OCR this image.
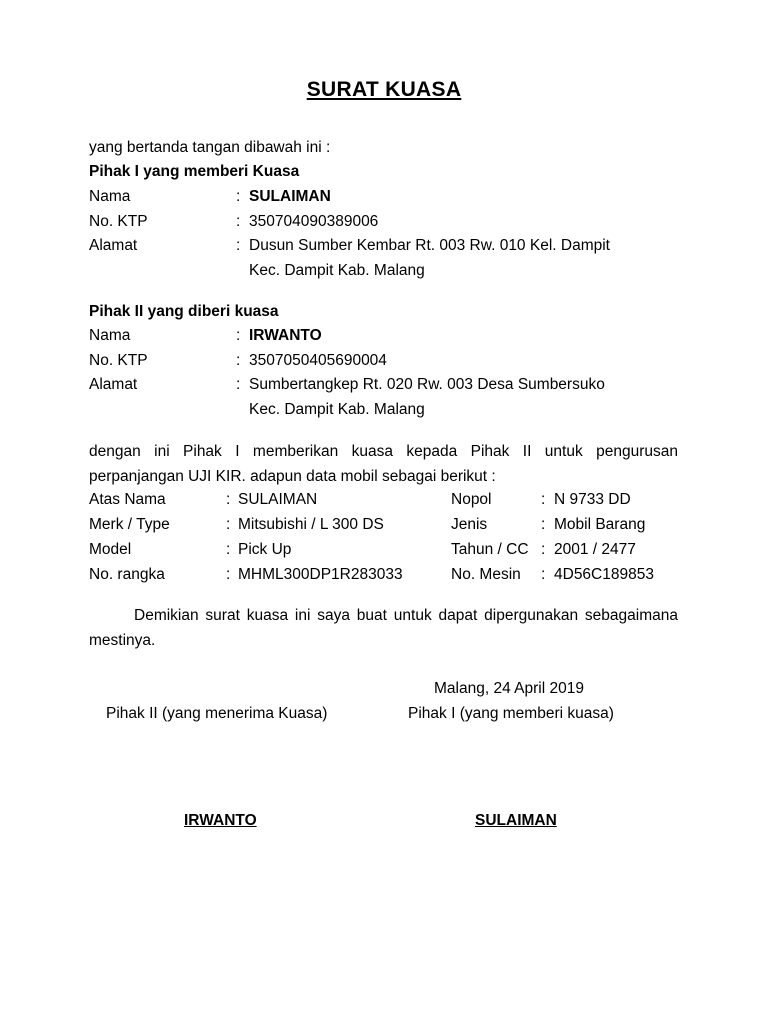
SURAT KUASA
yang bertanda tangan dibawah ini :
Pihak I yang memberi Kuasa
Nama	: SULAIMAN
No. KTP	: 350704090389006
Alamat	: Dusun Sumber Kembar Rt. 003 Rw. 010 Kel. Dampit
Kec. Dampit Kab. Malang
Pihak II yang diberi kuasa
Nama	: IRWANTO
No. KTP	: 3507050405690004
Alamat	: Sumbertangkep Rt. 020 Rw. 003 Desa Sumbersuko
Kec. Dampit Kab. Malang
dengan ini Pihak I memberikan kuasa kepada Pihak II untuk pengurusan perpanjangan UJI KIR. adapun data mobil sebagai berikut :
Atas Nama	: SULAIMAN	Nopol	: N 9733 DD
Merk / Type	: Mitsubishi / L 300 DS	Jenis	: Mobil Barang
Model	: Pick Up	Tahun / CC : 2001 / 2477
No. rangka	: MHML300DP1R283033	No. Mesin : 4D56C189853
Demikian surat kuasa ini saya buat untuk dapat dipergunakan sebagaimana mestinya.
Malang, 24 April 2019
Pihak II (yang menerima Kuasa)	Pihak I (yang memberi kuasa)
IRWANTO	SULAIMAN
